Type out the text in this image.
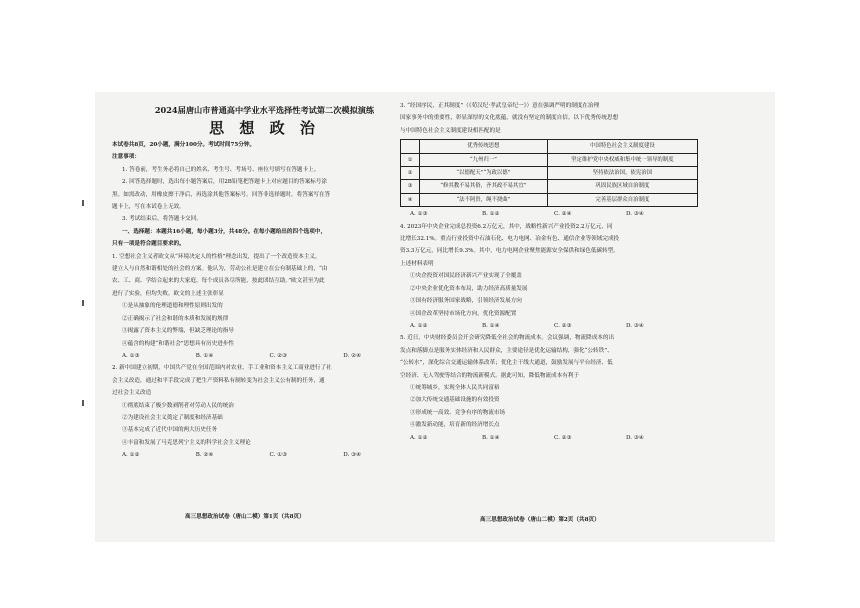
2024届唐山市普通高中学业水平选择性考试第二次模拟演练
思 想 政 治

本试卷共8页，20小题，满分100分。考试时间75分钟。

注意事项：

1. 答卷前，考生务必将自己的姓名、考生号、考场号、座位号填写在答题卡上。

2. 回答选择题时，选出每小题答案后，用2B铅笔把答题卡上对应题目的答案标号涂

黑。如需改动，用橡皮擦干净后，再选涂其他答案标号。回答非选择题时，将答案写在答

题卡上，写在本试卷上无效。

3. 考试结束后，将答题卡交回。

一、选择题：本题共16小题，每小题3分，共48分。在每小题给出的四个选项中，

只有一项是符合题目要求的。

1. 空想社会主义者欧文从“环境决定人的性格”理念出发，提出了一个改造资本主义，

建立人与自然和谐相处的社会的方案。他认为，劳动公社是建立在公有制基础上的，“由

农、工、商、学结合起来的大家庭。每个成员各尽所能，按此团结互助。”欧文甚至为此

进行了实验，但均失败。欧文的上述主张彰显

①是从抽象的伦理道德和理性原则出发的

②正确揭示了社会和谐的本质和发展的规律

③揭露了资本主义的弊端，但缺乏理论的指导

④蕴含的构建“和谐社会”思想具有历史进步性

A. ①③	B. ①④	C. ②③	D. ②④

2. 新中国建立初期，中国共产党在全国范围内对农业、手工业和资本主义工商业进行了社

会主义改造，通过和平手段完成了把生产资料私有制转变为社会主义公有制的任务，通

过社会主义改造

①彻底结束了极少数剥削者对劳动人民的统治

②为建设社会主义奠定了制度和经济基础

③基本完成了近代中国的两大历史任务

④丰富和发展了马克思列宁主义的科学社会主义理论

A. ①②	B. ②④	C. ①③	D. ③④
高三思想政治试卷（唐山二模）第1页（共8页）

3. “经国序民，正其制度”（《荀汉纪·孝武皇帝纪一》）意在强调严明的制度在治理

国家事务中的重要性，彰显深厚的文化底蕴，就没有坚定的制度自信。以下优秀传统思想

与中国特色社会主义制度建设相匹配的是

	优秀传统思想	中国特色社会主义制度建设
①	“九州归一”	坚定维护党中央权威和集中统一领导的制度
②	“以德配天”“为政以德”	坚持依法治国，依宪治国
③	“修其教不易其俗，齐其政不易其宜”	巩固民族区域自治制度
④	“法不阿贵，绳不挠曲”	完善基层群众自治制度
A. ①③	B. ①②	C. ②④	D. ③④

4. 2023年中央企业完成总投资6.2万亿元，其中，战略性新兴产业投资2.2万亿元，同

比增长32.1%。重点行业投资中石油石化、电力电网、冶金有色、通信企业等领域完成投

资3.3万亿元，同比增长9.3%。其中，电力电网企业聚焦能源安全保供和绿色低碳转型。

上述材料表明

①央企投资对国民经济新兴产业实现了全覆盖

②中央企业优化资本布局，助力经济高质量发展

③国有经济服务国家战略，引领经济发展方向

④国企改革坚持市场化方向，优化资源配置

A. ①②	B. ①④	C. ②③	D. ③④

5. 近日，中央财经委员会开会研究降低全社会的物流成本。会议强调，物流降成本的出

发点和落脚点是服务实体经济和人民群众，主要途径是优化运输结构，强化“公转铁”、

“公转水”，深化综合交通运输体系改革；优化主干线大通道，鼓励发展与平台经济、低

空经济、无人驾驶等结合的物流新模式。据此可知，降低物流成本有利于

①统筹城乡，实现全体人民共同富裕

②加大传统交通基础设施的有效投资

③形成统一高效、竞争有序的物流市场

④激发新动能，培育新的经济增长点

A. ①②	B. ①④	C. ②③	D. ③④
高三思想政治试卷（唐山二模）第2页（共8页）
